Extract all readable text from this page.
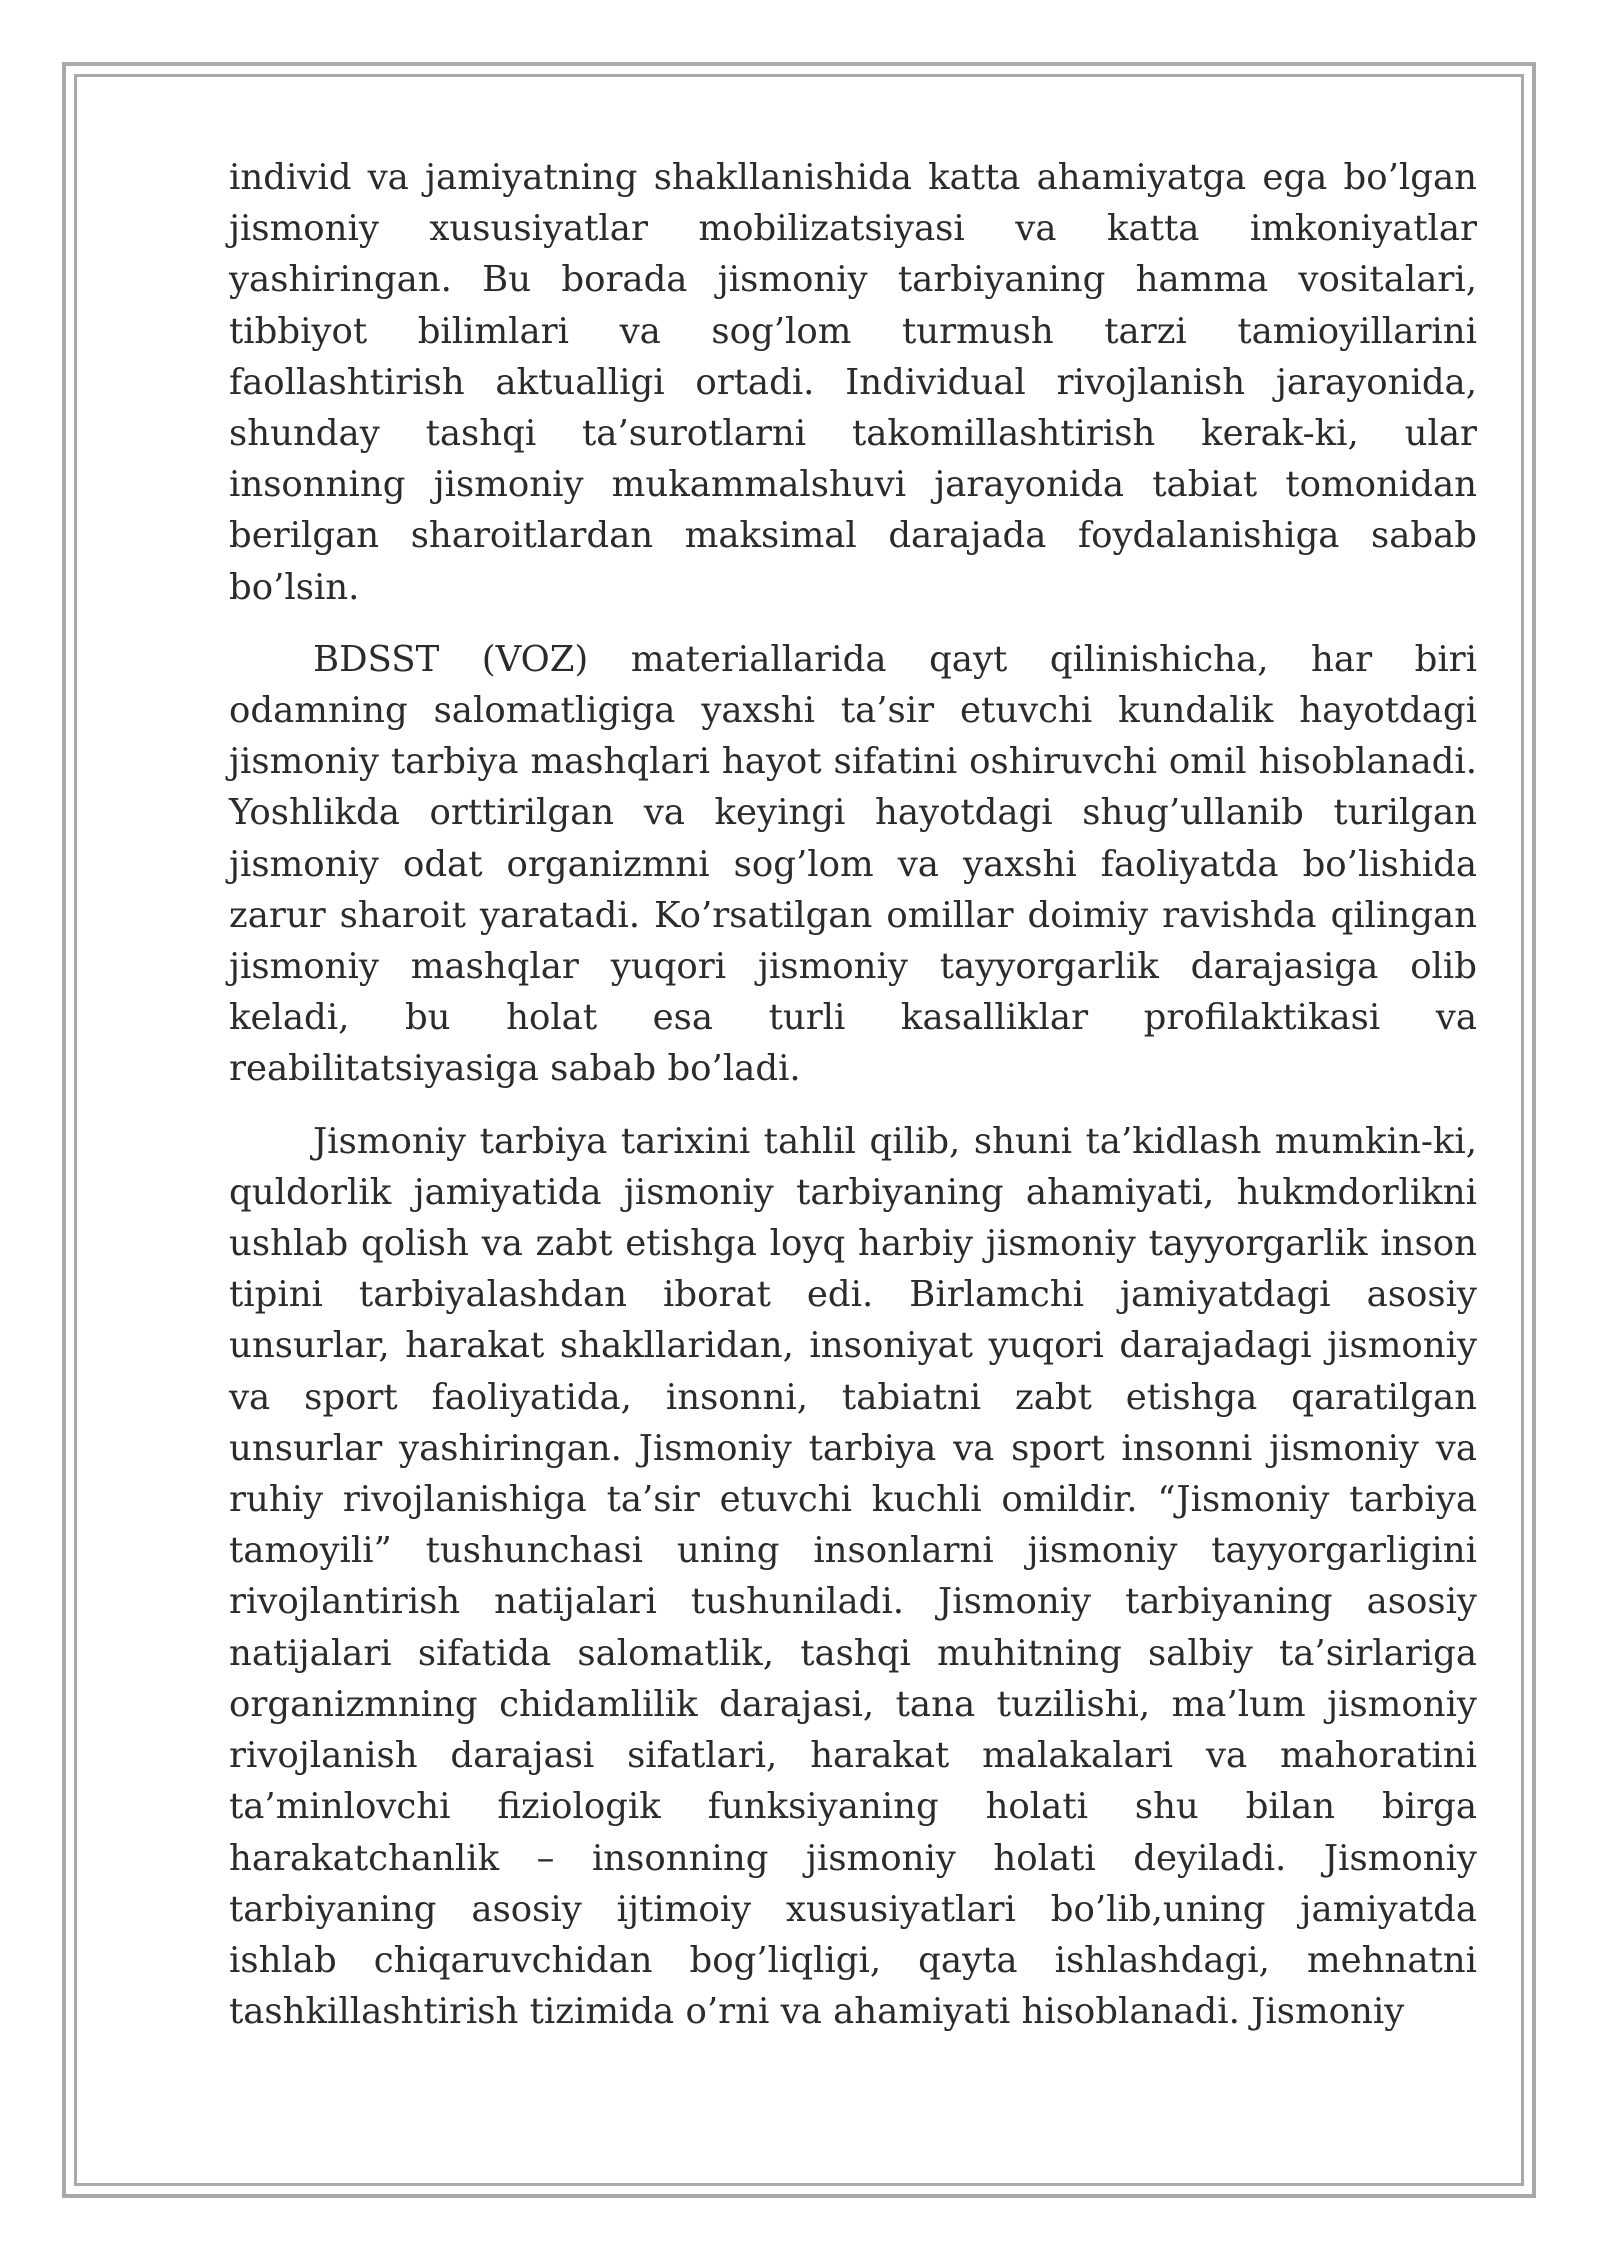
individ va jamiyatning shakllanishida katta ahamiyatga ega bo’lgan jismoniy xususiyatlar mobilizatsiyasi va katta imkoniyatlar yashiringan. Bu borada jismoniy tarbiyaning hamma vositalari, tibbiyot bilimlari va sog’lom turmush tarzi tamioyillarini faollashtirish aktualligi ortadi. Individual rivojlanish jarayonida, shunday tashqi ta’surotlarni takomillashtirish kerak-ki, ular insonning jismoniy mukammalshuvi jarayonida tabiat tomonidan berilgan sharoitlardan maksimal darajada foydalanishiga sabab bo’lsin.

BDSST (VOZ) materiallarida qayt qilinishicha, har biri odamning salomatligiga yaxshi ta’sir etuvchi kundalik hayotdagi jismoniy tarbiya mashqlari hayot sifatini oshiruvchi omil hisoblanadi. Yoshlikda orttirilgan va keyingi hayotdagi shug’ullanib turilgan jismoniy odat organizmni sog’lom va yaxshi faoliyatda bo’lishida zarur sharoit yaratadi. Ko’rsatilgan omillar doimiy ravishda qilingan jismoniy mashqlar yuqori jismoniy tayyorgarlik darajasiga olib keladi, bu holat esa turli kasalliklar profilaktikasi va reabilitatsiyasiga sabab bo’ladi.

Jismoniy tarbiya tarixini tahlil qilib, shuni ta’kidlash mumkin-ki, quldorlik jamiyatida jismoniy tarbiyaning ahamiyati, hukmdorlikni ushlab qolish va zabt etishga loyq harbiy jismoniy tayyorgarlik inson tipini tarbiyalashdan iborat edi. Birlamchi jamiyatdagi asosiy unsurlar, harakat shakllaridan, insoniyat yuqori darajadagi jismoniy va sport faoliyatida, insonni, tabiatni zabt etishga qaratilgan unsurlar yashiringan. Jismoniy tarbiya va sport insonni jismoniy va ruhiy rivojlanishiga ta’sir etuvchi kuchli omildir. “Jismoniy tarbiya tamoyili” tushunchasi uning insonlarni jismoniy tayyorgarligini rivojlantirish natijalari tushuniladi. Jismoniy tarbiyaning asosiy natijalari sifatida salomatlik, tashqi muhitning salbiy ta’sirlariga organizmning chidamlilik darajasi, tana tuzilishi, ma’lum jismoniy rivojlanish darajasi sifatlari, harakat malakalari va mahoratini ta’minlovchi fiziologik funksiyaning holati shu bilan birga harakatchanlik – insonning jismoniy holati deyiladi. Jismoniy tarbiyaning asosiy ijtimoiy xususiyatlari bo’lib,uning jamiyatda ishlab chiqaruvchidan bog’liqligi, qayta ishlashdagi, mehnatni tashkillashtirish tizimida o’rni va ahamiyati hisoblanadi. Jismoniy
